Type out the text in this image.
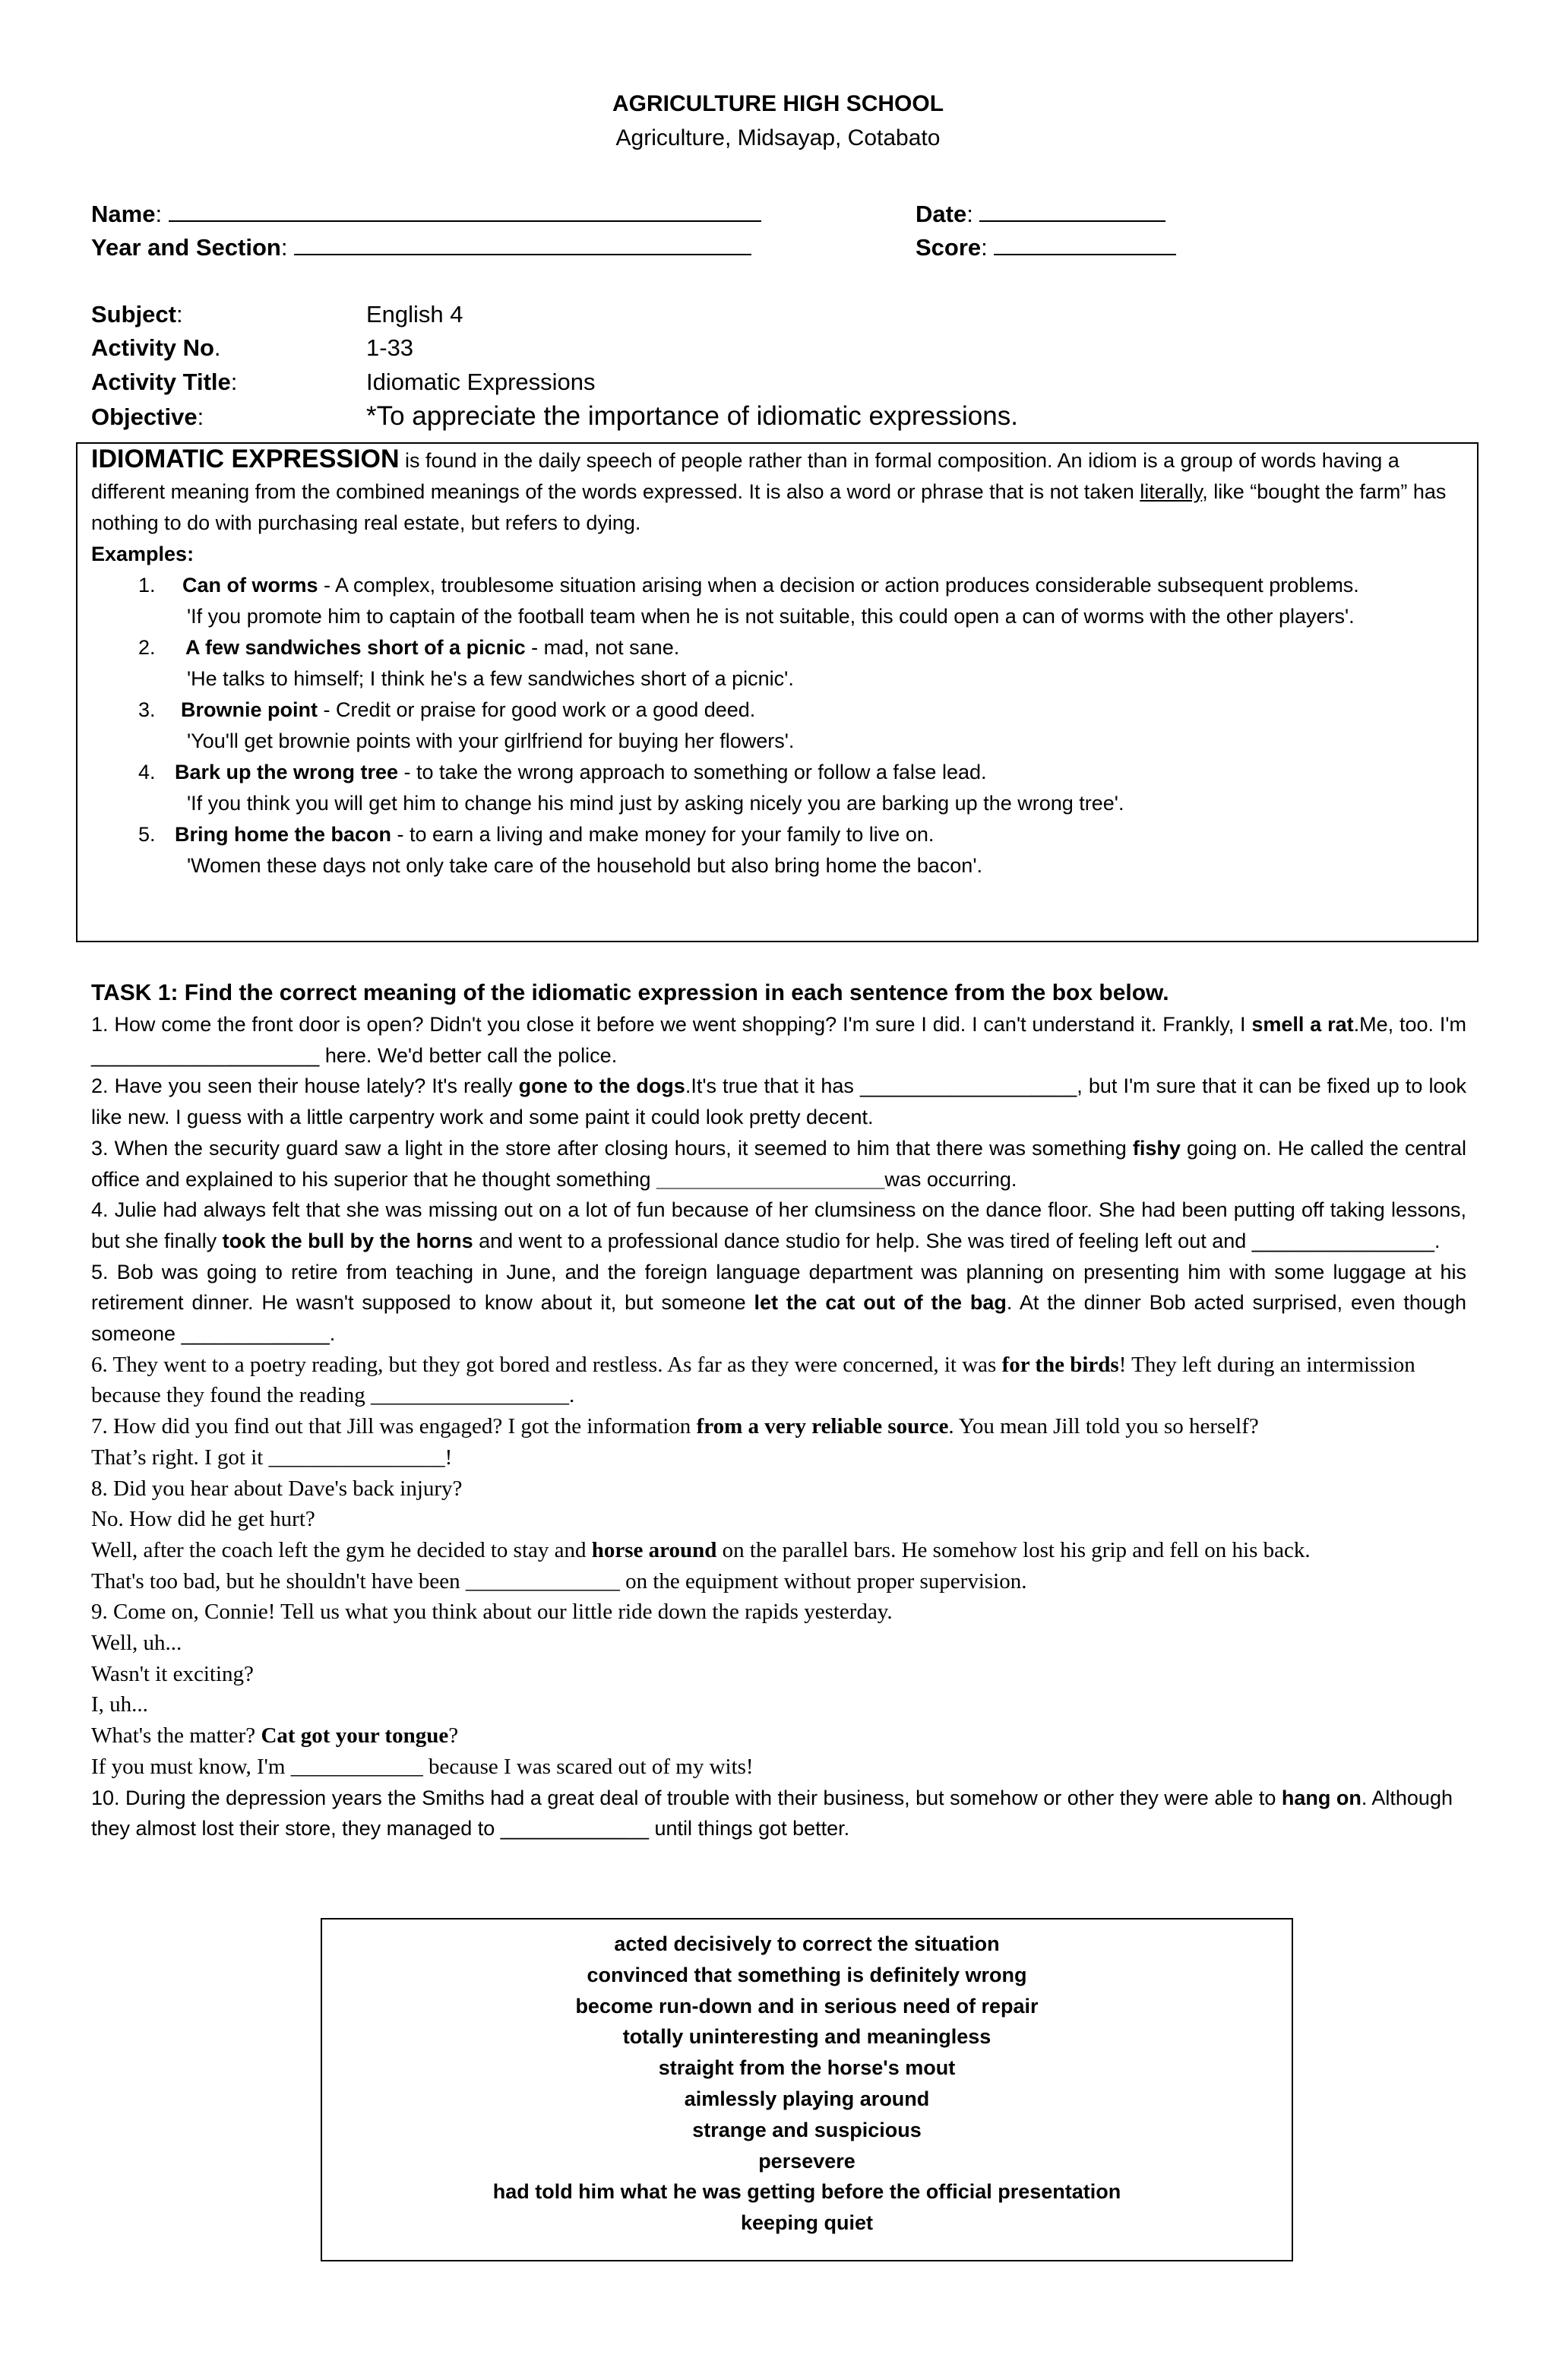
AGRICULTURE HIGH SCHOOL
Agriculture, Midsayap, Cotabato
Name:	Date:
Year and Section:	Score:
Subject:	English 4
Activity No.	1-33
Activity Title:	Idiomatic Expressions
Objective:	*To appreciate the importance of idiomatic expressions.
IDIOMATIC EXPRESSION is found in the daily speech of people rather than in formal composition. An idiom is a group of words having a different meaning from the combined meanings of the words expressed. It is also a word or phrase that is not taken literally, like “bought the farm” has nothing to do with purchasing real estate, but refers to dying.
Examples:
1.	Can of worms - A complex, troublesome situation arising when a decision or action produces considerable subsequent problems.
'If you promote him to captain of the football team when he is not suitable, this could open a can of worms with the other players'.
2.	A few sandwiches short of a picnic - mad, not sane.
'He talks to himself; I think he's a few sandwiches short of a picnic'.
3.	Brownie point - Credit or praise for good work or a good deed.
'You'll get brownie points with your girlfriend for buying her flowers'.
4. Bark up the wrong tree - to take the wrong approach to something or follow a false lead.
'If you think you will get him to change his mind just by asking nicely you are barking up the wrong tree'.
5. Bring home the bacon - to earn a living and make money for your family to live on.
'Women these days not only take care of the household but also bring home the bacon'.
TASK 1: Find the correct meaning of the idiomatic expression in each sentence from the box below.
1. How come the front door is open? Didn't you close it before we went shopping? I'm sure I did. I can't understand it. Frankly, I smell a rat.Me, too. I'm ____________________ here. We'd better call the police.
2. Have you seen their house lately? It's really gone to the dogs.It's true that it has ___________________, but I'm sure that it can be fixed up to look like new. I guess with a little carpentry work and some paint it could look pretty decent.
3. When the security guard saw a light in the store after closing hours, it seemed to him that there was something fishy going on. He called the central office and explained to his superior that he thought something ____________________was occurring.
4. Julie had always felt that she was missing out on a lot of fun because of her clumsiness on the dance floor. She had been putting off taking lessons, but she finally took the bull by the horns and went to a professional dance studio for help. She was tired of feeling left out and ________________.
5. Bob was going to retire from teaching in June, and the foreign language department was planning on presenting him with some luggage at his retirement dinner. He wasn't supposed to know about it, but someone let the cat out of the bag. At the dinner Bob acted surprised, even though someone _____________.
6. They went to a poetry reading, but they got bored and restless. As far as they were concerned, it was for the birds! They left during an intermission because they found the reading __________________.
7. How did you find out that Jill was engaged? I got the information from a very reliable source. You mean Jill told you so herself?
That’s right. I got it ________________!
8. Did you hear about Dave's back injury?
No. How did he get hurt?
Well, after the coach left the gym he decided to stay and horse around on the parallel bars. He somehow lost his grip and fell on his back.
That's too bad, but he shouldn't have been ______________ on the equipment without proper supervision.
9. Come on, Connie! Tell us what you think about our little ride down the rapids yesterday.
Well, uh...
Wasn't it exciting?
I, uh...
What's the matter? Cat got your tongue?
If you must know, I'm ____________ because I was scared out of my wits!
10. During the depression years the Smiths had a great deal of trouble with their business, but somehow or other they were able to hang on. Although they almost lost their store, they managed to _____________ until things got better.
acted decisively to correct the situation
convinced that something is definitely wrong
become run-down and in serious need of repair
totally uninteresting and meaningless
straight from the horse's mout
aimlessly playing around
strange and suspicious
persevere
had told him what he was getting before the official presentation
keeping quiet
